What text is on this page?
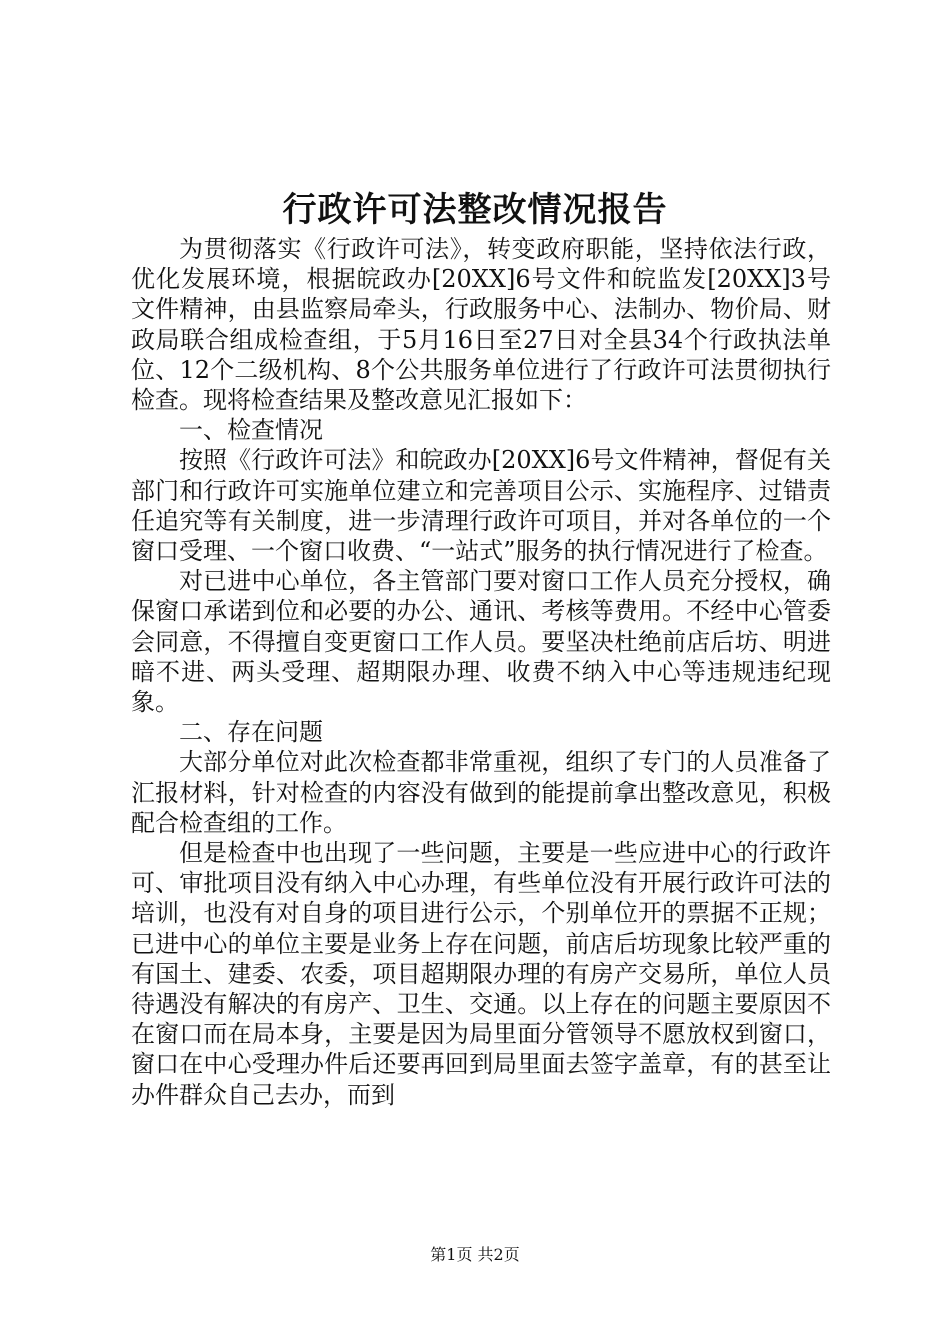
行政许可法整改情况报告

为贯彻落实《行政许可法》，转变政府职能，坚持依法行政，优化发展环境，根据皖政办[20XX]6号文件和皖监发[20XX]3号文件精神，由县监察局牵头，行政服务中心、法制办、物价局、财政局联合组成检查组，于5月16日至27日对全县34个行政执法单位、12个二级机构、8个公共服务单位进行了行政许可法贯彻执行检查。现将检查结果及整改意见汇报如下：

一、检查情况

按照《行政许可法》和皖政办[20XX]6号文件精神，督促有关部门和行政许可实施单位建立和完善项目公示、实施程序、过错责任追究等有关制度，进一步清理行政许可项目，并对各单位的一个窗口受理、一个窗口收费、“一站式”服务的执行情况进行了检查。

对已进中心单位，各主管部门要对窗口工作人员充分授权，确保窗口承诺到位和必要的办公、通讯、考核等费用。不经中心管委会同意，不得擅自变更窗口工作人员。要坚决杜绝前店后坊、明进暗不进、两头受理、超期限办理、收费不纳入中心等违规违纪现象。

二、存在问题

大部分单位对此次检查都非常重视，组织了专门的人员准备了汇报材料，针对检查的内容没有做到的能提前拿出整改意见，积极配合检查组的工作。

但是检查中也出现了一些问题，主要是一些应进中心的行政许可、审批项目没有纳入中心办理，有些单位没有开展行政许可法的培训，也没有对自身的项目进行公示，个别单位开的票据不正规；已进中心的单位主要是业务上存在问题，前店后坊现象比较严重的有国土、建委、农委，项目超期限办理的有房产交易所，单位人员待遇没有解决的有房产、卫生、交通。以上存在的问题主要原因不在窗口而在局本身，主要是因为局里面分管领导不愿放权到窗口，窗口在中心受理办件后还要再回到局里面去签字盖章，有的甚至让办件群众自己去办，而到

第1页 共2页
